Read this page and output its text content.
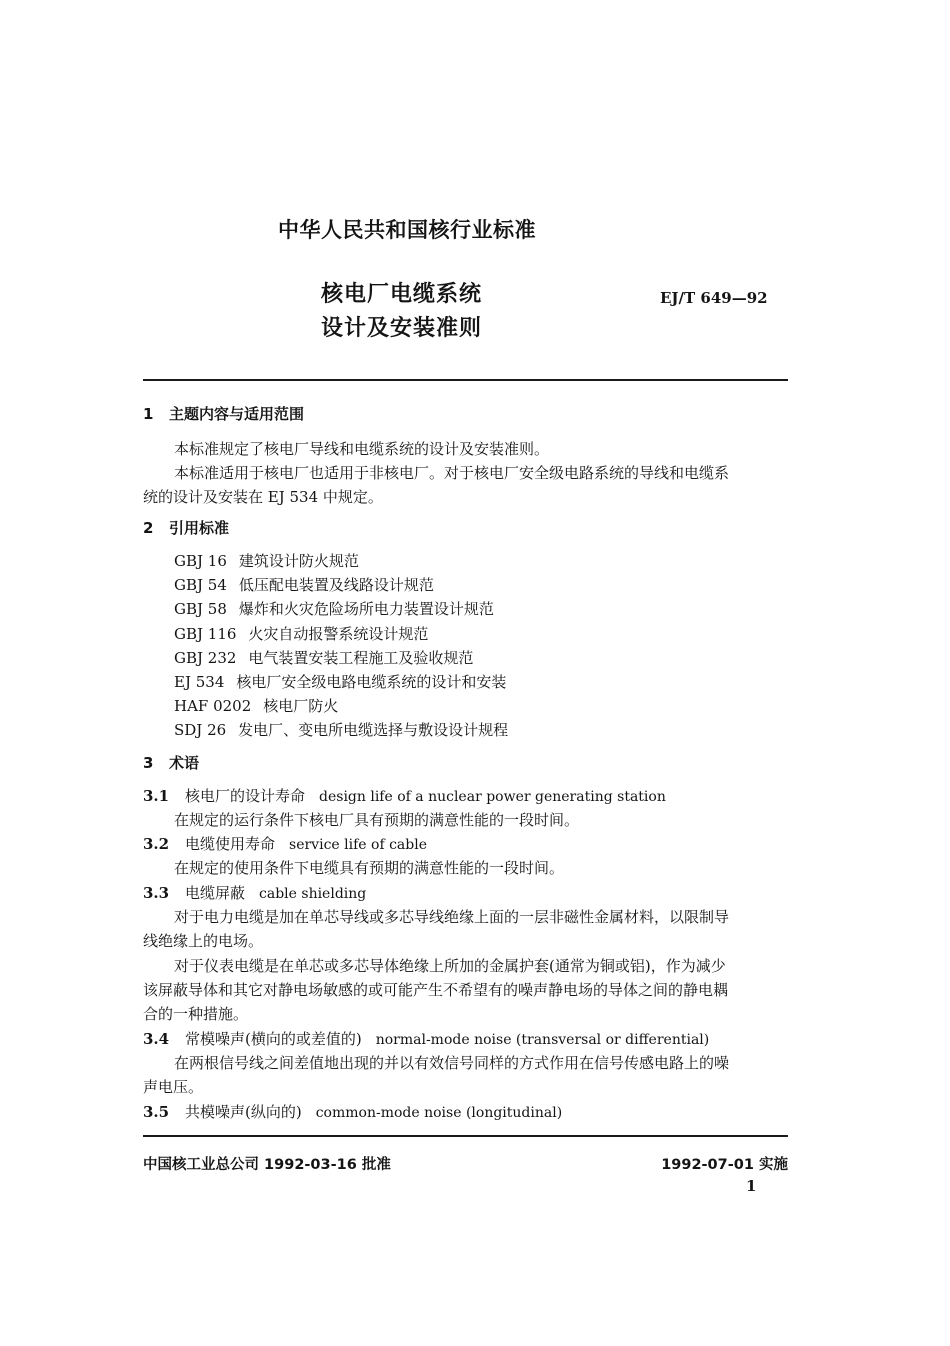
中华人民共和国核行业标准
核电厂电缆系统
设计及安装准则
EJ/T 649—92
1 主题内容与适用范围
本标准规定了核电厂导线和电缆系统的设计及安装准则。
本标准适用于核电厂也适用于非核电厂。对于核电厂安全级电路系统的导线和电缆系
统的设计及安装在 EJ 534 中规定。
2 引用标准
GBJ 16 建筑设计防火规范
GBJ 54 低压配电装置及线路设计规范
GBJ 58 爆炸和火灾危险场所电力装置设计规范
GBJ 116 火灾自动报警系统设计规范
GBJ 232 电气装置安装工程施工及验收规范
EJ 534 核电厂安全级电路电缆系统的设计和安装
HAF 0202 核电厂防火
SDJ 26 发电厂、变电所电缆选择与敷设设计规程
3 术语
3.1 核电厂的设计寿命 design life of a nuclear power generating station
在规定的运行条件下核电厂具有预期的满意性能的一段时间。
3.2 电缆使用寿命 service life of cable
在规定的使用条件下电缆具有预期的满意性能的一段时间。
3.3 电缆屏蔽 cable shielding
对于电力电缆是加在单芯导线或多芯导线绝缘上面的一层非磁性金属材料，以限制导
线绝缘上的电场。
对于仪表电缆是在单芯或多芯导体绝缘上所加的金属护套(通常为铜或铝)，作为减少
该屏蔽导体和其它对静电场敏感的或可能产生不希望有的噪声静电场的导体之间的静电耦
合的一种措施。
3.4 常模噪声(横向的或差值的) normal-mode noise (transversal or differential)
在两根信号线之间差值地出现的并以有效信号同样的方式作用在信号传感电路上的噪
声电压。
3.5 共模噪声(纵向的) common-mode noise (longitudinal)
中国核工业总公司 1992-03-16 批准	1992-07-01 实施
1
